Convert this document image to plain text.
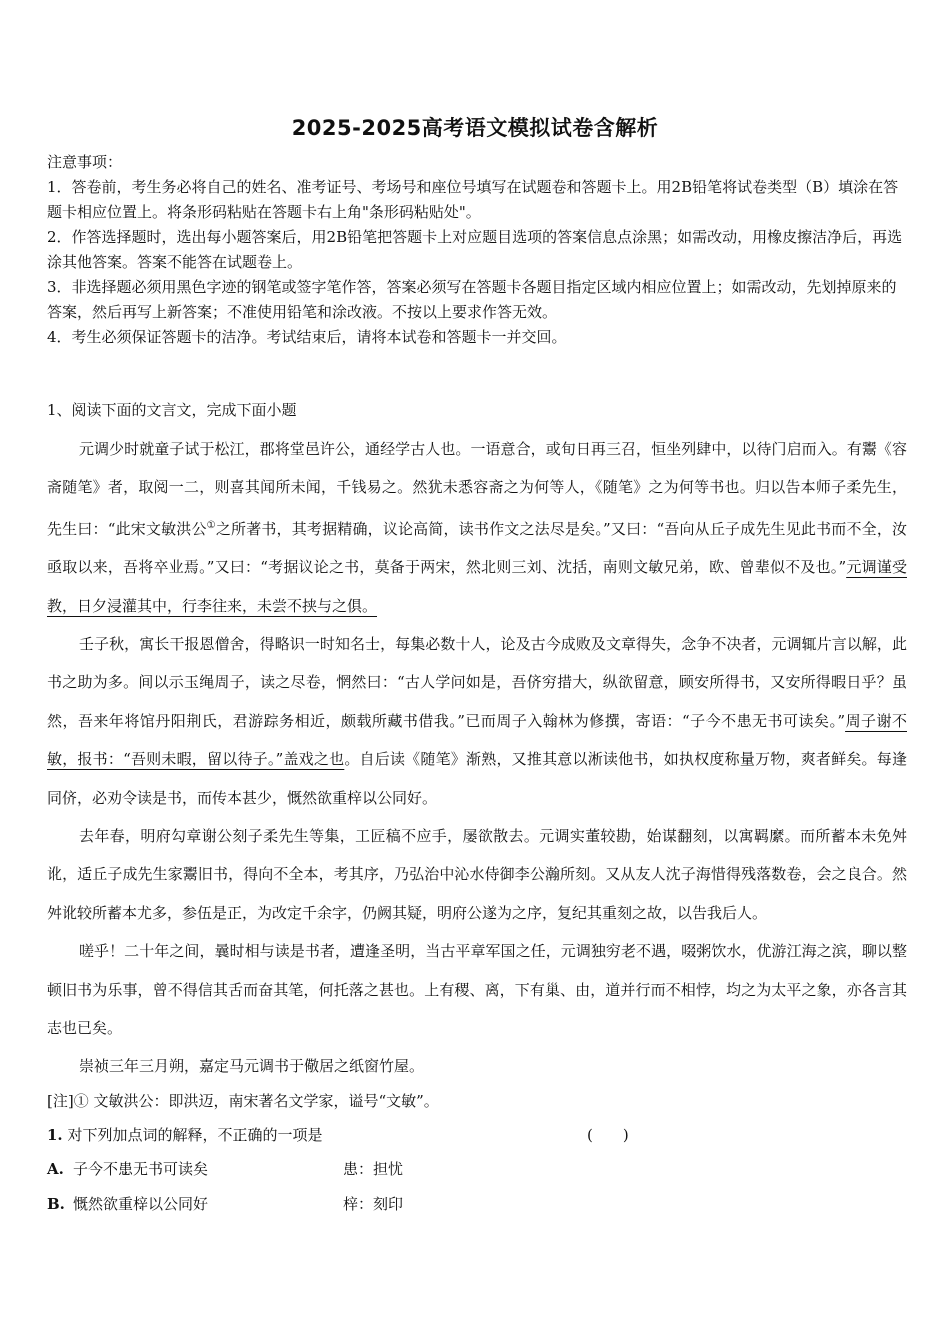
2025-2025高考语文模拟试卷含解析

注意事项：

1．答卷前，考生务必将自己的姓名、准考证号、考场号和座位号填写在试题卷和答题卡上。用2B铅笔将试卷类型（B）填涂在答题卡相应位置上。将条形码粘贴在答题卡右上角"条形码粘贴处"。

2．作答选择题时，选出每小题答案后，用2B铅笔把答题卡上对应题目选项的答案信息点涂黑；如需改动，用橡皮擦洁净后，再选涂其他答案。答案不能答在试题卷上。

3．非选择题必须用黑色字迹的钢笔或签字笔作答，答案必须写在答题卡各题目指定区域内相应位置上；如需改动，先划掉原来的答案，然后再写上新答案；不准使用铅笔和涂改液。不按以上要求作答无效。

4．考生必须保证答题卡的洁净。考试结束后，请将本试卷和答题卡一并交回。

1、阅读下面的文言文，完成下面小题

元调少时就童子试于松江，郡将堂邑许公，通经学古人也。一语意合，或旬日再三召，恒坐列肆中，以待门启而入。有鬻《容斋随笔》者，取阅一二，则喜其闻所未闻，千钱易之。然犹未悉容斋之为何等人，《随笔》之为何等书也。归以告本师子柔先生，先生曰：“此宋文敏洪公①之所著书，其考据精确，议论高简，读书作文之法尽是矣。”又曰：“吾向从丘子成先生见此书而不全，汝亟取以来，吾将卒业焉。”又曰：“考据议论之书，莫备于两宋，然北则三刘、沈括，南则文敏兄弟，欧、曾辈似不及也。”元调谨受教，日夕浸灌其中，行李往来，未尝不挟与之俱。

壬子秋，寓长干报恩僧舍，得略识一时知名士，每集必数十人，论及古今成败及文章得失，念争不决者，元调辄片言以解，此书之助为多。间以示玉绳周子，读之尽卷，惘然曰：“古人学问如是，吾侪穷措大，纵欲留意，顾安所得书，又安所得暇日乎？虽然，吾来年将馆丹阳荆氏，君游踪务相近，颇载所藏书借我。”已而周子入翰林为修撰，寄语：“子今不患 ·无书可读矣。”周子谢不敏，报书：“吾则未暇，留以待子。”盖戏之也。自后读《随笔》渐熟，又推其意以淅读他书，如执权度称量万物，爽者鲜矣。每逢同侪，必劝令读是书，而传本甚少，慨然欲重梓 ·以公同好。

去年春，明府勾章谢公刻子柔先生等集，工匠稿不应手，屡欲散去。元调实董较勘，始谋翻刻，以寓羁縻。而所蓄本未免舛讹，适丘子成先生家鬻旧书，得向不全本，考其序，乃弘治中沁水侍御李公瀚所刻。又从友人沈子海惜得残落数卷，会之良合。然舛讹较所蓄本尤多，参伍是正，为改定千余字，仍阙其疑，明府公遂为之序，复纪其重刻之故，以告我后人。

嗟乎！二十年之间，曩 ·时相与读是书者，遭逢圣明，当古平章军国之任，元调独穷老不遇，啜粥饮水，优游江海之滨，聊以整顿旧书为乐事，曾不得信其舌而奋其笔，何托落之甚也。上有稷、离，下有巢、由，道并行而不相悖，均之为太平之象，亦各言其志也已矣。

崇祯三年三月朔，嘉定马元调书于儆居之纸窗竹屋。

[注]① 文敏洪公：即洪迈，南宋著名文学家，谥号“文敏”。

1. 对下列加点词的解释，不正确的一项是	(　　)

A. 子今不患无书可读矣	患：担忧

B. 慨然欲重梓以公同好	梓：刻印
